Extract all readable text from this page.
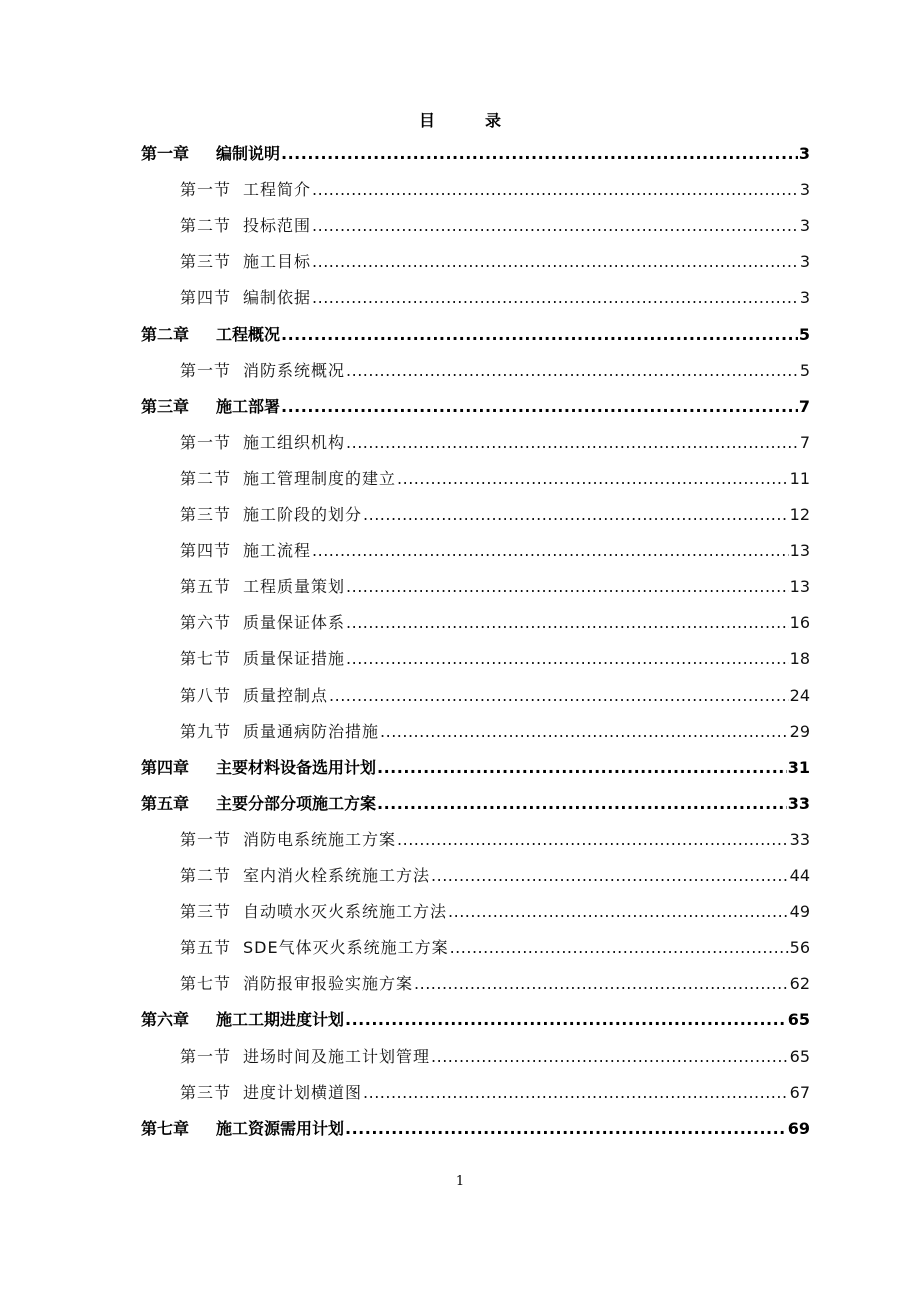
目	录
第一章 编制说明 .....	3
第一节 工程简介 .....	3
第二节 投标范围 .....	3
第三节 施工目标 .....	3
第四节 编制依据 .....	3
第二章 工程概况 .....	5
第一节 消防系统概况 .....	5
第三章 施工部署 .....	7
第一节 施工组织机构 .....	7
第二节 施工管理制度的建立 .....	11
第三节 施工阶段的划分 .....	12
第四节 施工流程 .....	13
第五节 工程质量策划 .....	13
第六节 质量保证体系 .....	16
第七节 质量保证措施 .....	18
第八节 质量控制点 .....	24
第九节 质量通病防治措施 .....	29
第四章 主要材料设备选用计划 .....	31
第五章 主要分部分项施工方案 .....	33
第一节 消防电系统施工方案 .....	33
第二节 室内消火栓系统施工方法 .....	44
第三节 自动喷水灭火系统施工方法 .....	49
第五节 SDE气体灭火系统施工方案 .....	56
第七节 消防报审报验实施方案 .....	62
第六章 施工工期进度计划 .....	65
第一节 进场时间及施工计划管理 .....	65
第三节 进度计划横道图 .....	67
第七章 施工资源需用计划 .....	69
1
